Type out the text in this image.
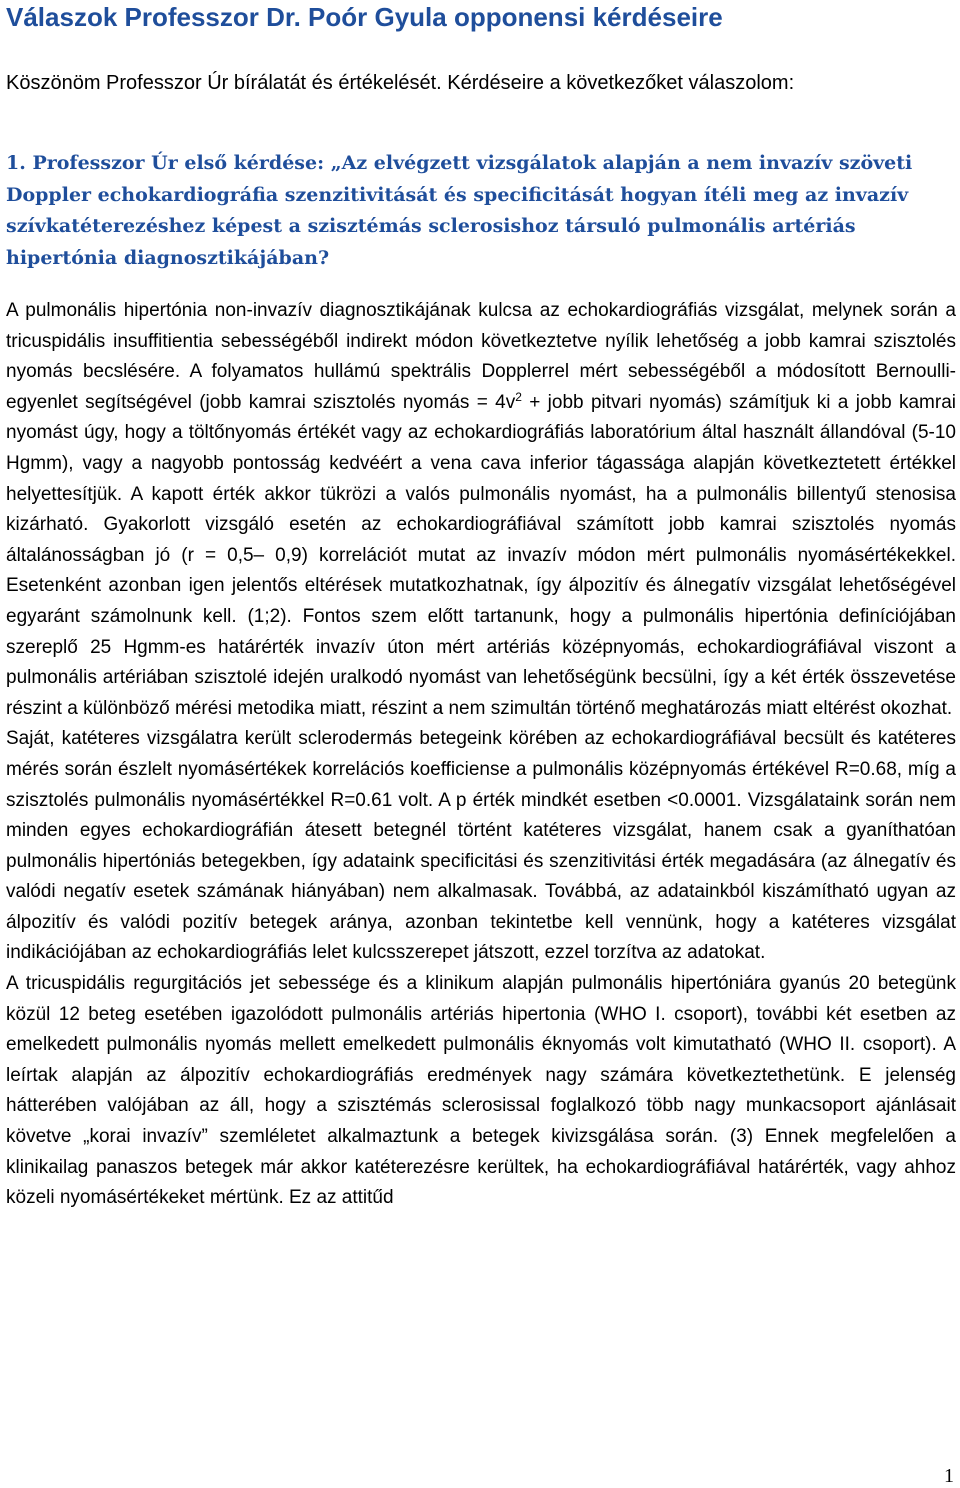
Válaszok Professzor Dr. Poór Gyula opponensi kérdéseire

Köszönöm Professzor Úr bírálatát és értékelését. Kérdéseire a következőket válaszolom:

1. Professzor Úr első kérdése: „Az elvégzett vizsgálatok alapján a nem invazív szöveti Doppler echokardiográfia szenzitivitását és specificitását hogyan ítéli meg az invazív szívkatéterezéshez képest a szisztémás sclerosishoz társuló pulmonális artériás hipertónia diagnosztikájában?

A pulmonális hipertónia non-invazív diagnosztikájának kulcsa az echokardiográfiás vizsgálat, melynek során a tricuspidális insuffitientia sebességéből indirekt módon következtetve nyílik lehetőség a jobb kamrai szisztolés nyomás becslésére. A folyamatos hullámú spektrális Dopplerrel mért sebességéből a módosított Bernoulli-egyenlet segítségével (jobb kamrai szisztolés nyomás = $4v^2$ + jobb pitvari nyomás) számítjuk ki a jobb kamrai nyomást úgy, hogy a töltőnyomás értékét vagy az echokardiográfiás laboratórium által használt állandóval (5-10 Hgmm), vagy a nagyobb pontosság kedvéért a vena cava inferior tágassága alapján következtetett értékkel helyettesítjük. A kapott érték akkor tükrözi a valós pulmonális nyomást, ha a pulmonális billentyű stenosisa kizárható. Gyakorlott vizsgáló esetén az echokardiográfiával számított jobb kamrai szisztolés nyomás általánosságban jó (r = 0,5– 0,9) korrelációt mutat az invazív módon mért pulmonális nyomásértékekkel. Esetenként azonban igen jelentős eltérések mutatkozhatnak, így álpozitív és álnegatív vizsgálat lehetőségével egyaránt számolnunk kell. (1;2). Fontos szem előtt tartanunk, hogy a pulmonális hipertónia definíciójában szereplő 25 Hgmm-es határérték invazív úton mért artériás középnyomás, echokardiográfiával viszont a pulmonális artériában szisztolé idején uralkodó nyomást van lehetőségünk becsülni, így a két érték összevetése részint a különböző mérési metodika miatt, részint a nem szimultán történő meghatározás miatt eltérést okozhat.

Saját, katéteres vizsgálatra került sclerodermás betegeink körében az echokardiográfiával becsült és katéteres mérés során észlelt nyomásértékek korrelációs koefficiense a pulmonális középnyomás értékével R=0.68, míg a szisztolés pulmonális nyomásértékkel R=0.61 volt. A p érték mindkét esetben <0.0001. Vizsgálataink során nem minden egyes echokardiográfián átesett betegnél történt katéteres vizsgálat, hanem csak a gyaníthatóan pulmonális hipertóniás betegekben, így adataink specificitási és szenzitivitási érték megadására (az álnegatív és valódi negatív esetek számának hiányában) nem alkalmasak. Továbbá, az adatainkból kiszámítható ugyan az álpozitív és valódi pozitív betegek aránya, azonban tekintetbe kell vennünk, hogy a katéteres vizsgálat indikációjában az echokardiográfiás lelet kulcsszerepet játszott, ezzel torzítva az adatokat.

A tricuspidális regurgitációs jet sebessége és a klinikum alapján pulmonális hipertóniára gyanús 20 betegünk közül 12 beteg esetében igazolódott pulmonális artériás hipertonia (WHO I. csoport), további két esetben az emelkedett pulmonális nyomás mellett emelkedett pulmonális éknyomás volt kimutatható (WHO II. csoport). A leírtak alapján az álpozitív echokardiográfiás eredmények nagy számára következtethetünk. E jelenség hátterében valójában az áll, hogy a szisztémás sclerosissal foglalkozó több nagy munkacsoport ajánlásait követve „korai invazív” szemléletet alkalmaztunk a betegek kivizsgálása során. (3) Ennek megfelelően a klinikailag panaszos betegek már akkor katéterezésre kerültek, ha echokardiográfiával határérték, vagy ahhoz közeli nyomásértékeket mértünk. Ez az attitűd

1
